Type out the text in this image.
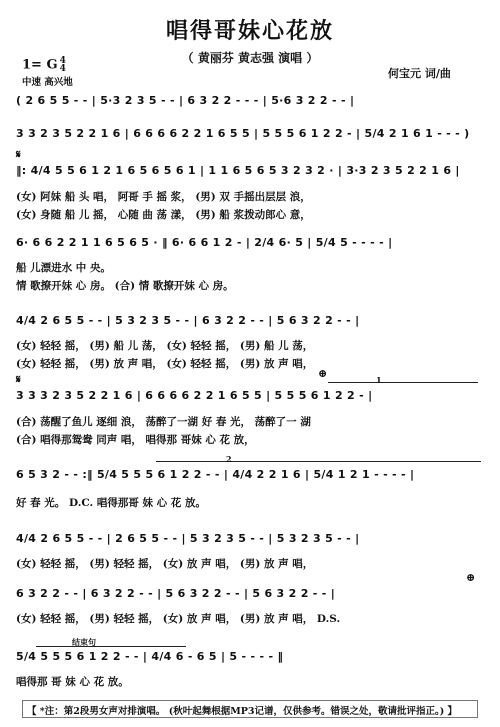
唱得哥妹心花放
（ 黄丽芬 黄志强 演唱 ）
1= G 4
4
中速 高兴地
何宝元 词/曲
( 2 6 5 5 - - | 5·3 2 3 5 - - | 6 3 2 2 - - - | 5·6 3 2 2 - - |
3 3 2 3 5 2 2 1 6 | 6 6 6 6 2 2 1 6 5 5 | 5 5 5 6 1 2 2 - | 5/4 2 1 6 1 - - - )
𝄋
‖: 4/4 5 5 6 1 2 1 6 5 6 5 6 1 | 1 1 6 5 6 5 3 2 3 2 · | 3·3 2 3 5 2 2 1 6 |
(女) 阿妹 船 头 唱， 阿哥 手 摇 浆， (男) 双 手摇出层层 浪，
(女) 身随 船 儿 摇， 心随 曲 荡 漾， (男) 船 浆拨动郎心 意，
6· 6 6 2 2 1 1 6 5 6 5 · ‖ 6· 6 6 1 2 - | 2/4 6· 5 | 5/4 5 - - - - |
船 儿漂进水 中 央。
情 歌撩开妹 心 房。 (合) 情 歌撩开妹 心 房。
4/4 2 6 5 5 - - | 5 3 2 3 5 - - | 6 3 2 2 - - | 5 6 3 2 2 - - |
(女) 轻轻 摇， (男) 船 儿 荡， (女) 轻轻 摇， (男) 船 儿 荡，
(女) 轻轻 摇， (男) 放 声 唱， (女) 轻轻 摇， (男) 放 声 唱，
𝄋	⊕	1
3 3 3 2 3 5 2 2 1 6 | 6 6 6 6 2 2 1 6 5 5 | 5 5 5 6 1 2 2 - |
(合) 荡醒了鱼儿 逐细 浪， 荡醉了一湖 好 春 光， 荡醉了一 湖
(合) 唱得那鸳鸯 同声 唱， 唱得那 哥妹 心 花 放，
2
6 5 3 2 - - :‖ 5/4 5 5 5 6 1 2 2 - - | 4/4 2 2 1 6 | 5/4 1 2 1 - - - - |
好 春 光。 D.C. 唱得那哥 妹 心 花 放。
4/4 2 6 5 5 - - | 2 6 5 5 - - | 5 3 2 3 5 - - | 5 3 2 3 5 - - |
(女) 轻轻 摇， (男) 轻轻 摇， (女) 放 声 唱， (男) 放 声 唱，
⊕
6 3 2 2 - - | 6 3 2 2 - - | 5 6 3 2 2 - - | 5 6 3 2 2 - - |
(女) 轻轻 摇， (男) 轻轻 摇， (女) 放 声 唱， (男) 放 声 唱， D.S.
结束句
5/4 5 5 5 6 1 2 2 - - | 4/4 6 - 6 5 | 5 - - - - ‖
唱得那 哥 妹 心 花 放。
【 *注：第2段男女声对排演唱。 (秋叶起舞根据MP3记谱，仅供参考。错误之处，敬请批评指正。) 】
